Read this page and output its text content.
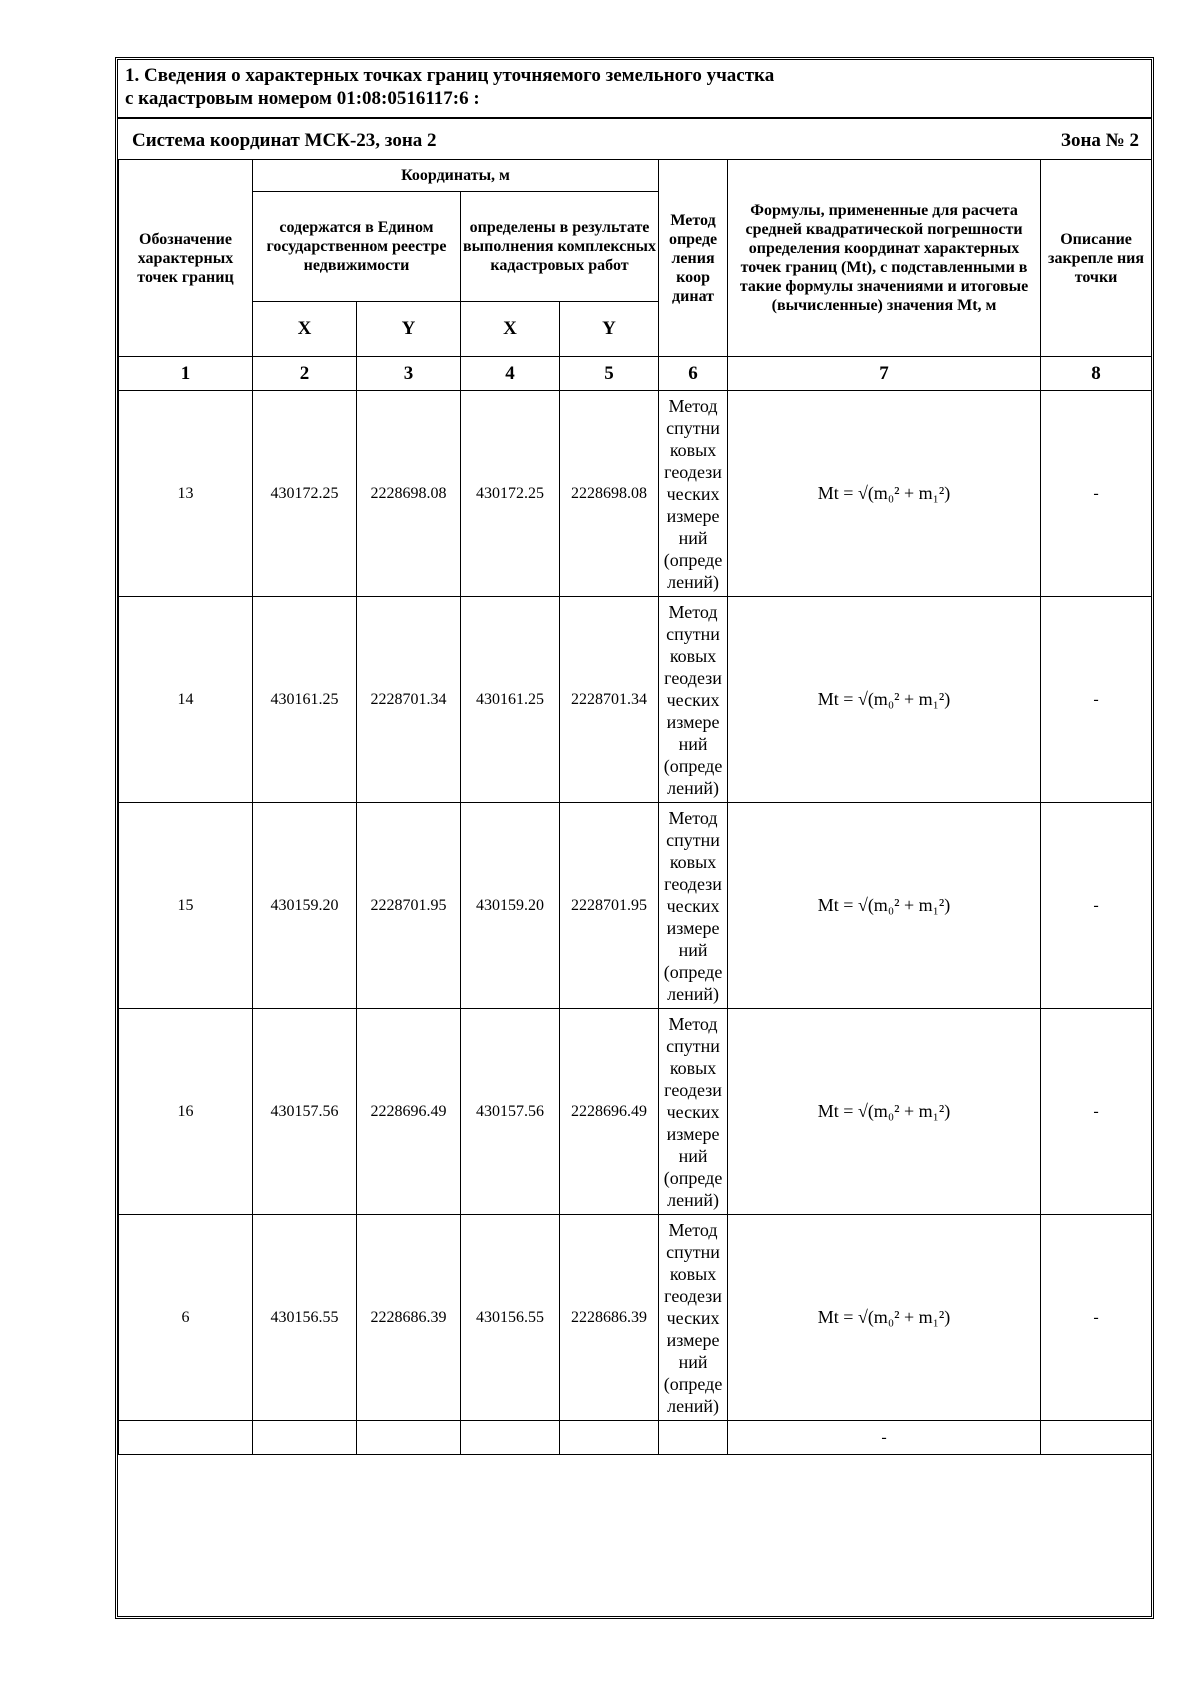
1. Сведения о характерных точках границ уточняемого земельного участка
с кадастровым номером 01:08:0516117:6 :
Система координат МСК-23, зона 2	Зона № 2
Обозначение характерных точек границ	Координаты, м				Метод опреде ления коор динат	Формулы, примененные для расчета средней квадратической погрешности определения координат характерных точек границ (Mt), с подставленными в такие формулы значениями и итоговые (вычисленные) значения Mt, м	Описание закрепле ния точки
	содержатся в Едином государственном реестре недвижимости		определены в результате выполнения комплексных кадастровых работ				
	X	Y	X	Y			
1	2	3	4	5	6	7	8
13	430172.25	2228698.08	430172.25	2228698.08	Метод спутни ковых геодези ческих измере ний (опреде лений)	Mt = √(m₀² + m₁²)	-
14	430161.25	2228701.34	430161.25	2228701.34	Метод спутни ковых геодези ческих измере ний (опреде лений)	Mt = √(m₀² + m₁²)	-
15	430159.20	2228701.95	430159.20	2228701.95	Метод спутни ковых геодези ческих измере ний (опреде лений)	Mt = √(m₀² + m₁²)	-
16	430157.56	2228696.49	430157.56	2228696.49	Метод спутни ковых геодези ческих измере ний (опреде лений)	Mt = √(m₀² + m₁²)	-
6	430156.55	2228686.39	430156.55	2228686.39	Метод спутни ковых геодези ческих измере ний (опреде лений)	Mt = √(m₀² + m₁²)	-
						-	
